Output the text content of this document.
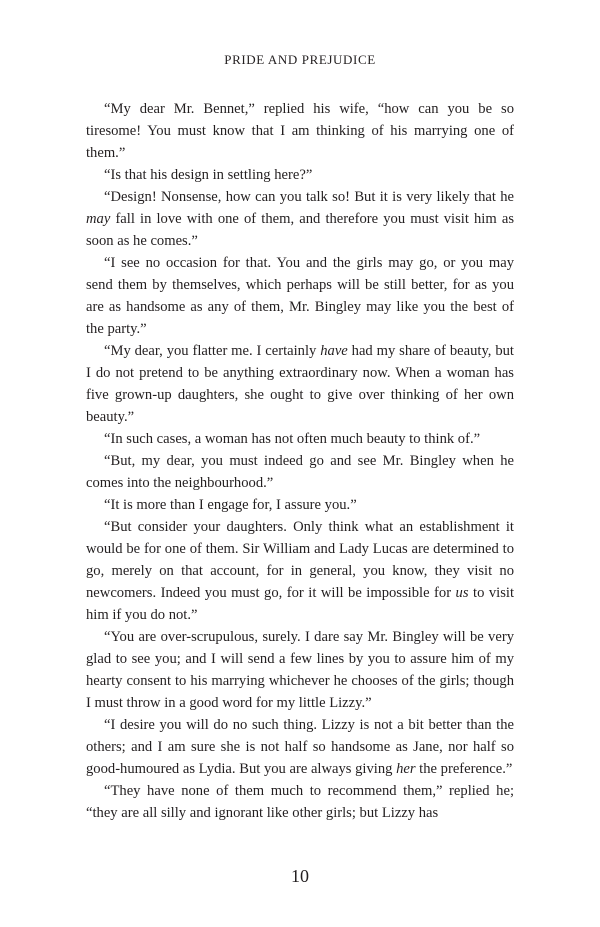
PRIDE AND PREJUDICE

“My dear Mr. Bennet,” replied his wife, “how can you be so tiresome! You must know that I am thinking of his marrying one of them.”

“Is that his design in settling here?”

“Design! Nonsense, how can you talk so! But it is very likely that he may fall in love with one of them, and therefore you must visit him as soon as he comes.”

“I see no occasion for that. You and the girls may go, or you may send them by themselves, which perhaps will be still better, for as you are as handsome as any of them, Mr. Bingley may like you the best of the party.”

“My dear, you flatter me. I certainly have had my share of beauty, but I do not pretend to be anything extraordinary now. When a woman has five grown-up daughters, she ought to give over thinking of her own beauty.”

“In such cases, a woman has not often much beauty to think of.”

“But, my dear, you must indeed go and see Mr. Bingley when he comes into the neighbourhood.”

“It is more than I engage for, I assure you.”

“But consider your daughters. Only think what an establishment it would be for one of them. Sir William and Lady Lucas are determined to go, merely on that account, for in general, you know, they visit no newcomers. Indeed you must go, for it will be impossible for us to visit him if you do not.”

“You are over-scrupulous, surely. I dare say Mr. Bingley will be very glad to see you; and I will send a few lines by you to assure him of my hearty consent to his marrying whichever he chooses of the girls; though I must throw in a good word for my little Lizzy.”

“I desire you will do no such thing. Lizzy is not a bit better than the others; and I am sure she is not half so handsome as Jane, nor half so good-humoured as Lydia. But you are always giving her the preference.”

“They have none of them much to recommend them,” replied he; “they are all silly and ignorant like other girls; but Lizzy has

10
